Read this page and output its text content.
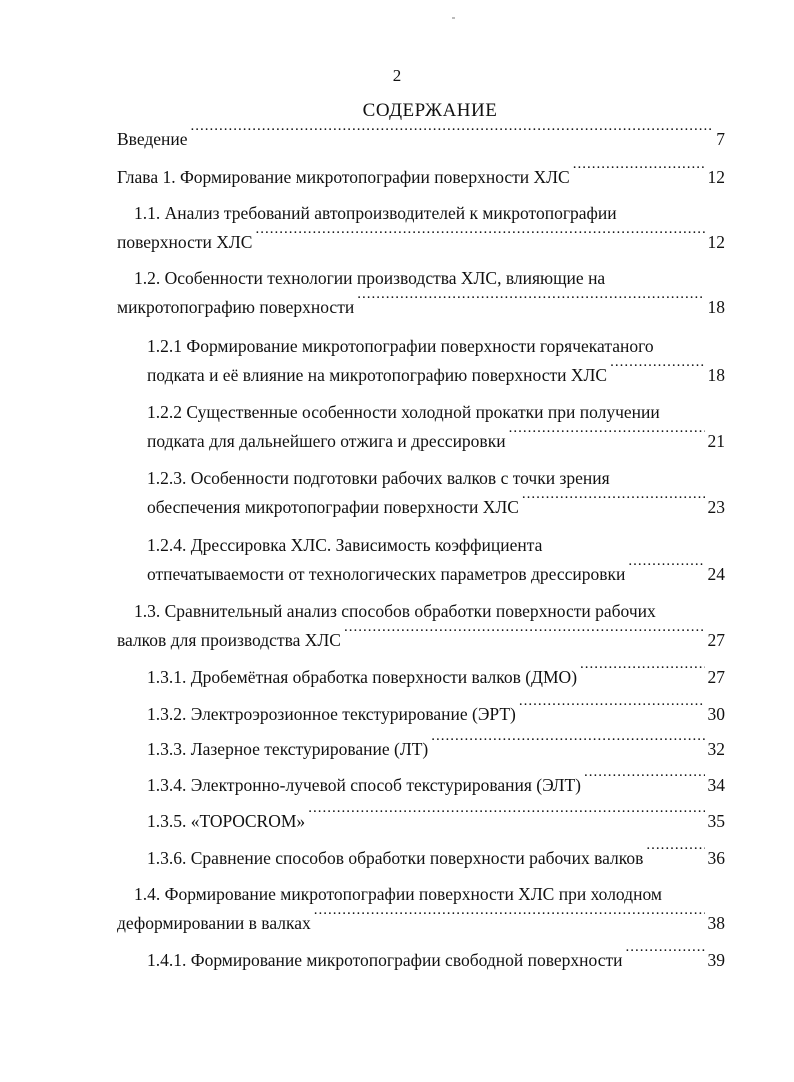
2
СОДЕРЖАНИЕ
Введение .....	7
Глава 1. Формирование микротопографии поверхности ХЛС .....	12
1.1. Анализ требований автопроизводителей к микротопографии
поверхности ХЛС .....	12
1.2. Особенности технологии производства ХЛС, влияющие на
микротопографию поверхности .....	18
1.2.1 Формирование микротопографии поверхности горячекатаного
подката и её влияние на микротопографию поверхности ХЛС .....	18
1.2.2 Существенные особенности холодной прокатки при получении
подката для дальнейшего отжига и дрессировки .....	21
1.2.3. Особенности подготовки рабочих валков с точки зрения
обеспечения микротопографии поверхности ХЛС .....	23
1.2.4. Дрессировка ХЛС. Зависимость коэффициента
отпечатываемости от технологических параметров дрессировки .....	24
1.3. Сравнительный анализ способов обработки поверхности рабочих
валков для производства ХЛС .....	27
1.3.1. Дробемётная обработка поверхности валков (ДМО) .....	27
1.3.2. Электроэрозионное текстурирование (ЭРТ) .....	30
1.3.3. Лазерное текстурирование (ЛТ) .....	32
1.3.4. Электронно-лучевой способ текстурирования (ЭЛТ) .....	34
1.3.5. «TOPOCROM» .....	35
1.3.6. Сравнение способов обработки поверхности рабочих валков .....	36
1.4. Формирование микротопографии поверхности ХЛС при холодном
деформировании в валках .....	38
1.4.1. Формирование микротопографии свободной поверхности .....	39
